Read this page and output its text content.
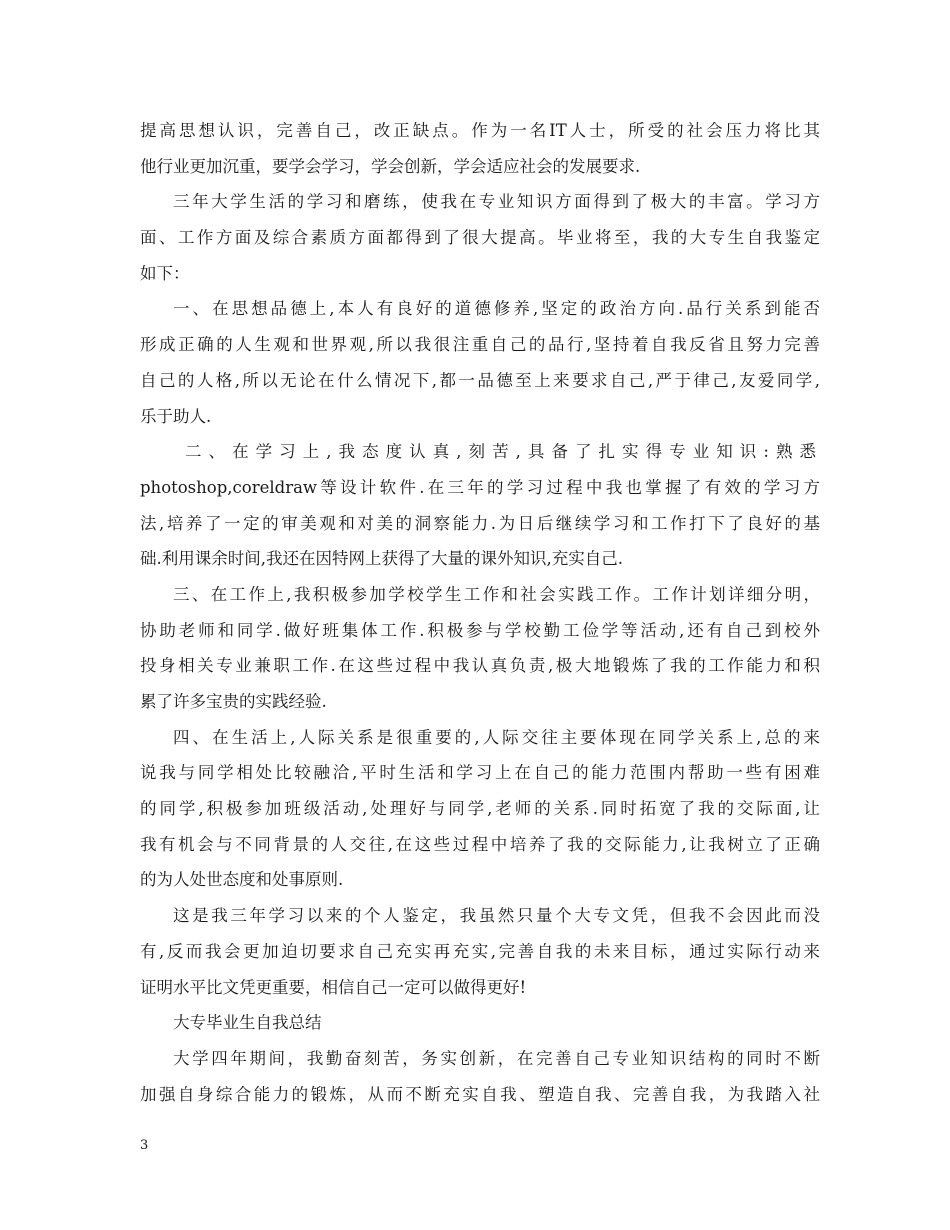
提高思想认识，完善自己，改正缺点。作为一名IT人士，所受的社会压力将比其
他行业更加沉重，要学会学习，学会创新，学会适应社会的发展要求.
三年大学生活的学习和磨练，使我在专业知识方面得到了极大的丰富。学习方
面、工作方面及综合素质方面都得到了很大提高。毕业将至，我的大专生自我鉴定
如下：
一、在思想品德上,本人有良好的道德修养,坚定的政治方向.品行关系到能否
形成正确的人生观和世界观,所以我很注重自己的品行,坚持着自我反省且努力完善
自己的人格,所以无论在什么情况下,都一品德至上来要求自己,严于律己,友爱同学,
乐于助人.
二、在学习上,我态度认真,刻苦,具备了扎实得专业知识:熟悉
photoshop,coreldraw等设计软件.在三年的学习过程中我也掌握了有效的学习方
法,培养了一定的审美观和对美的洞察能力.为日后继续学习和工作打下了良好的基
础.利用课余时间,我还在因特网上获得了大量的课外知识,充实自己.
三、在工作上,我积极参加学校学生工作和社会实践工作。工作计划详细分明，
协助老师和同学.做好班集体工作.积极参与学校勤工俭学等活动,还有自己到校外
投身相关专业兼职工作.在这些过程中我认真负责,极大地锻炼了我的工作能力和积
累了许多宝贵的实践经验.
四、在生活上,人际关系是很重要的,人际交往主要体现在同学关系上,总的来
说我与同学相处比较融洽,平时生活和学习上在自己的能力范围内帮助一些有困难
的同学,积极参加班级活动,处理好与同学,老师的关系.同时拓宽了我的交际面,让
我有机会与不同背景的人交往,在这些过程中培养了我的交际能力,让我树立了正确
的为人处世态度和处事原则.
这是我三年学习以来的个人鉴定，我虽然只量个大专文凭，但我不会因此而没
有,反而我会更加迫切要求自己充实再充实,完善自我的未来目标，通过实际行动来
证明水平比文凭更重要，相信自己一定可以做得更好!
大专毕业生自我总结
大学四年期间，我勤奋刻苦，务实创新，在完善自己专业知识结构的同时不断
加强自身综合能力的锻炼，从而不断充实自我、塑造自我、完善自我，为我踏入社
3
